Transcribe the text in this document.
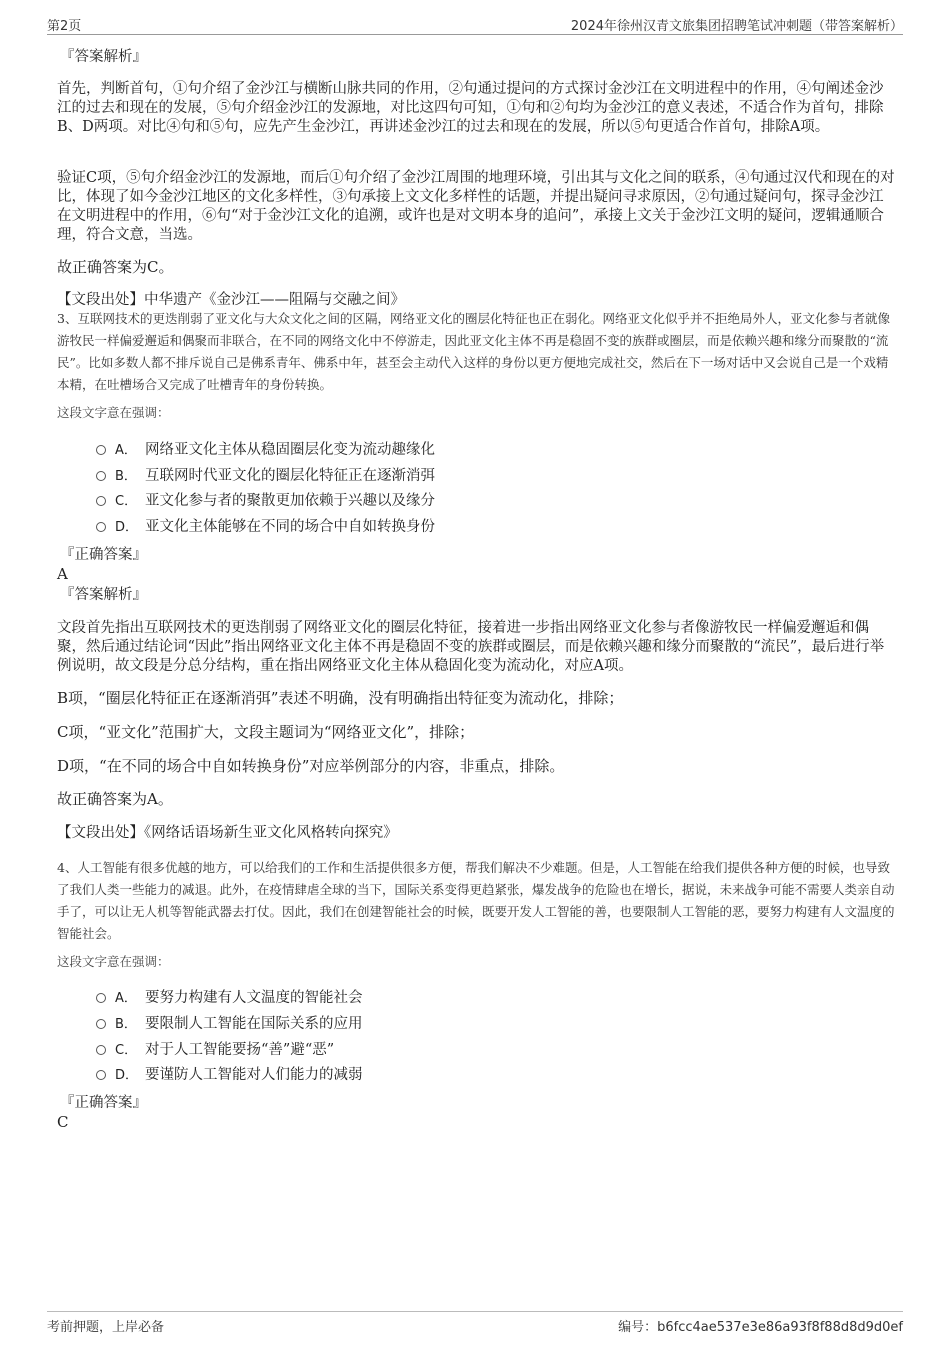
第2页	2024年徐州汉青文旅集团招聘笔试冲刺题（带答案解析）
『答案解析』

首先，判断首句，①句介绍了金沙江与横断山脉共同的作用，②句通过提问的方式探讨金沙江在文明进程中的作用，④句阐述金沙江的过去和现在的发展，⑤句介绍金沙江的发源地，对比这四句可知，①句和②句均为金沙江的意义表述，不适合作为首句，排除B、D两项。对比④句和⑤句，应先产生金沙江，再讲述金沙江的过去和现在的发展，所以⑤句更适合作首句，排除A项。

验证C项，⑤句介绍金沙江的发源地，而后①句介绍了金沙江周围的地理环境，引出其与文化之间的联系，④句通过汉代和现在的对比，体现了如今金沙江地区的文化多样性，③句承接上文文化多样性的话题，并提出疑问寻求原因，②句通过疑问句，探寻金沙江在文明进程中的作用，⑥句“对于金沙江文化的追溯，或许也是对文明本身的追问”，承接上文关于金沙江文明的疑问，逻辑通顺合理，符合文意，当选。

故正确答案为C。
【文段出处】中华遗产《金沙江——阻隔与交融之间》

3、互联网技术的更迭削弱了亚文化与大众文化之间的区隔，网络亚文化的圈层化特征也正在弱化。网络亚文化似乎并不拒绝局外人，亚文化参与者就像游牧民一样偏爱邂逅和偶聚而非联合，在不同的网络文化中不停游走，因此亚文化主体不再是稳固不变的族群或圈层，而是依赖兴趣和缘分而聚散的“流民”。比如多数人都不排斥说自己是佛系青年、佛系中年，甚至会主动代入这样的身份以更方便地完成社交，然后在下一场对话中又会说自己是一个戏精本精，在吐槽场合又完成了吐槽青年的身份转换。

这段文字意在强调：
A． 网络亚文化主体从稳固圈层化变为流动趣缘化
B． 互联网时代亚文化的圈层化特征正在逐渐消弭
C． 亚文化参与者的聚散更加依赖于兴趣以及缘分
D． 亚文化主体能够在不同的场合中自如转换身份
『正确答案』
A
『答案解析』

文段首先指出互联网技术的更迭削弱了网络亚文化的圈层化特征，接着进一步指出网络亚文化参与者像游牧民一样偏爱邂逅和偶聚，然后通过结论词“因此”指出网络亚文化主体不再是稳固不变的族群或圈层，而是依赖兴趣和缘分而聚散的“流民”，最后进行举例说明，故文段是分总分结构，重在指出网络亚文化主体从稳固化变为流动化，对应A项。

B项，“圈层化特征正在逐渐消弭”表述不明确，没有明确指出特征变为流动化，排除；
C项，“亚文化”范围扩大，文段主题词为“网络亚文化”，排除；
D项，“在不同的场合中自如转换身份”对应举例部分的内容，非重点，排除。
故正确答案为A。
【文段出处】《网络话语场新生亚文化风格转向探究》

4、人工智能有很多优越的地方，可以给我们的工作和生活提供很多方便，帮我们解决不少难题。但是，人工智能在给我们提供各种方便的时候，也导致了我们人类一些能力的减退。此外，在疫情肆虐全球的当下，国际关系变得更趋紧张，爆发战争的危险也在增长，据说，未来战争可能不需要人类亲自动手了，可以让无人机等智能武器去打仗。因此，我们在创建智能社会的时候，既要开发人工智能的善，也要限制人工智能的恶，要努力构建有人文温度的智能社会。

这段文字意在强调：
A． 要努力构建有人文温度的智能社会
B． 要限制人工智能在国际关系的应用
C． 对于人工智能要扬“善”避“恶”
D． 要谨防人工智能对人们能力的减弱
『正确答案』
C
考前押题，上岸必备	编号：b6fcc4ae537e3e86a93f8f88d8d9d0ef
